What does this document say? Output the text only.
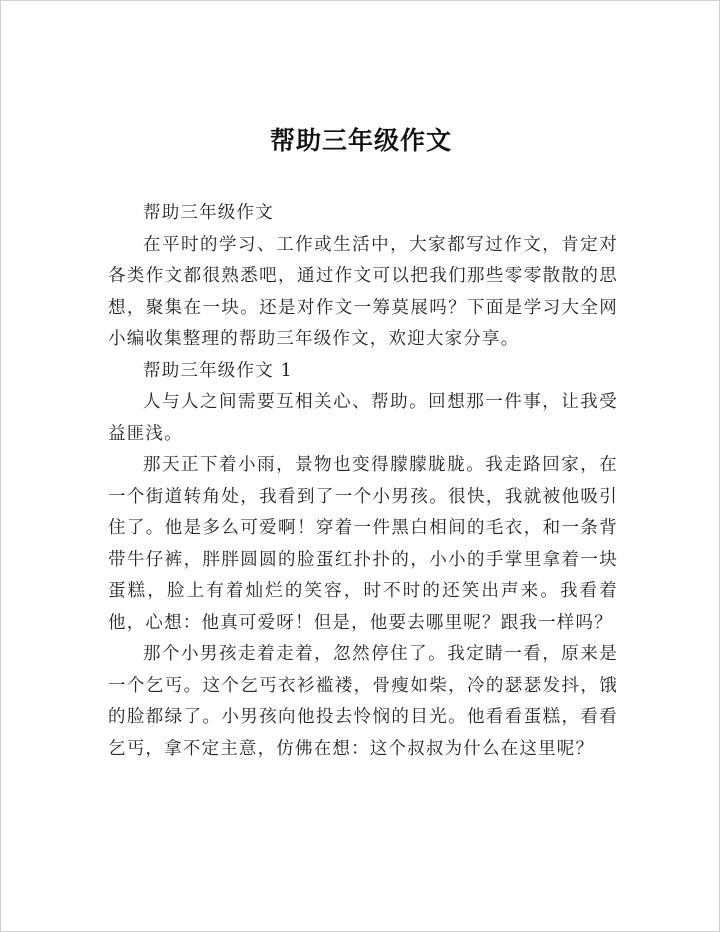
帮助三年级作文

帮助三年级作文

在平时的学习、工作或生活中，大家都写过作文，肯定对各类作文都很熟悉吧，通过作文可以把我们那些零零散散的思想，聚集在一块。还是对作文一筹莫展吗？下面是学习大全网小编收集整理的帮助三年级作文，欢迎大家分享。

帮助三年级作文 1

人与人之间需要互相关心、帮助。回想那一件事，让我受益匪浅。

那天正下着小雨，景物也变得朦朦胧胧。我走路回家，在一个街道转角处，我看到了一个小男孩。很快，我就被他吸引住了。他是多么可爱啊！穿着一件黑白相间的毛衣，和一条背带牛仔裤，胖胖圆圆的脸蛋红扑扑的，小小的手掌里拿着一块蛋糕，脸上有着灿烂的笑容，时不时的还笑出声来。我看着他，心想：他真可爱呀！但是，他要去哪里呢？跟我一样吗？

那个小男孩走着走着，忽然停住了。我定睛一看，原来是一个乞丐。这个乞丐衣衫褴褛，骨瘦如柴，冷的瑟瑟发抖，饿的脸都绿了。小男孩向他投去怜悯的目光。他看看蛋糕，看看乞丐，拿不定主意，仿佛在想：这个叔叔为什么在这里呢？
